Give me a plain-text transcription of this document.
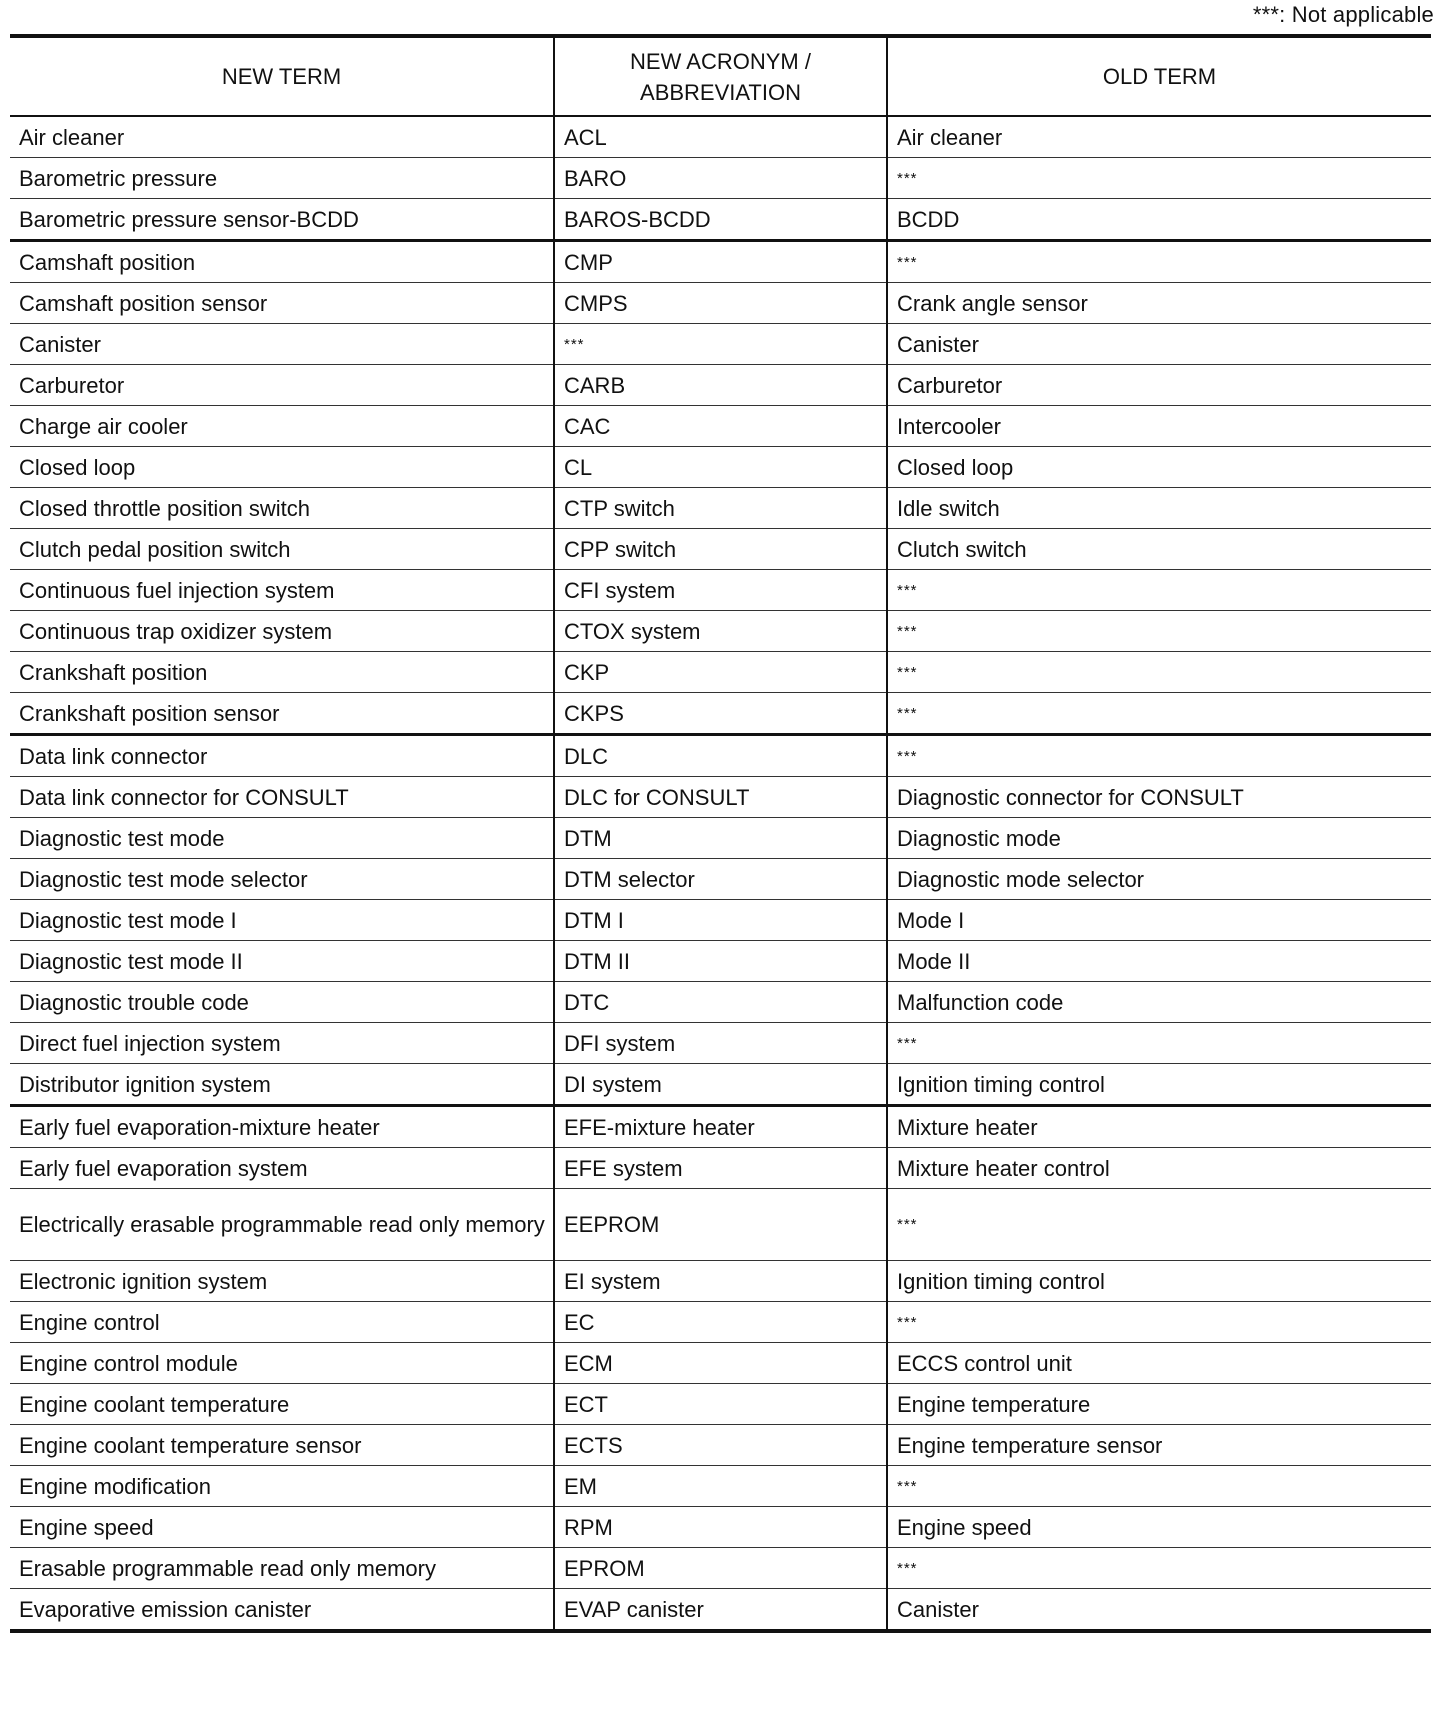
***: Not applicable
NEW TERM	NEW ACRONYM /
ABBREVIATION	OLD TERM
Air cleaner	ACL	Air cleaner
Barometric pressure	BARO	***
Barometric pressure sensor-BCDD	BAROS-BCDD	BCDD
Camshaft position	CMP	***
Camshaft position sensor	CMPS	Crank angle sensor
Canister	***	Canister
Carburetor	CARB	Carburetor
Charge air cooler	CAC	Intercooler
Closed loop	CL	Closed loop
Closed throttle position switch	CTP switch	Idle switch
Clutch pedal position switch	CPP switch	Clutch switch
Continuous fuel injection system	CFI system	***
Continuous trap oxidizer system	CTOX system	***
Crankshaft position	CKP	***
Crankshaft position sensor	CKPS	***
Data link connector	DLC	***
Data link connector for CONSULT	DLC for CONSULT	Diagnostic connector for CONSULT
Diagnostic test mode	DTM	Diagnostic mode
Diagnostic test mode selector	DTM selector	Diagnostic mode selector
Diagnostic test mode I	DTM I	Mode I
Diagnostic test mode II	DTM II	Mode II
Diagnostic trouble code	DTC	Malfunction code
Direct fuel injection system	DFI system	***
Distributor ignition system	DI system	Ignition timing control
Early fuel evaporation-mixture heater	EFE-mixture heater	Mixture heater
Early fuel evaporation system	EFE system	Mixture heater control
Electrically erasable programmable read only memory	EEPROM	***
Electronic ignition system	EI system	Ignition timing control
Engine control	EC	***
Engine control module	ECM	ECCS control unit
Engine coolant temperature	ECT	Engine temperature
Engine coolant temperature sensor	ECTS	Engine temperature sensor
Engine modification	EM	***
Engine speed	RPM	Engine speed
Erasable programmable read only memory	EPROM	***
Evaporative emission canister	EVAP canister	Canister
